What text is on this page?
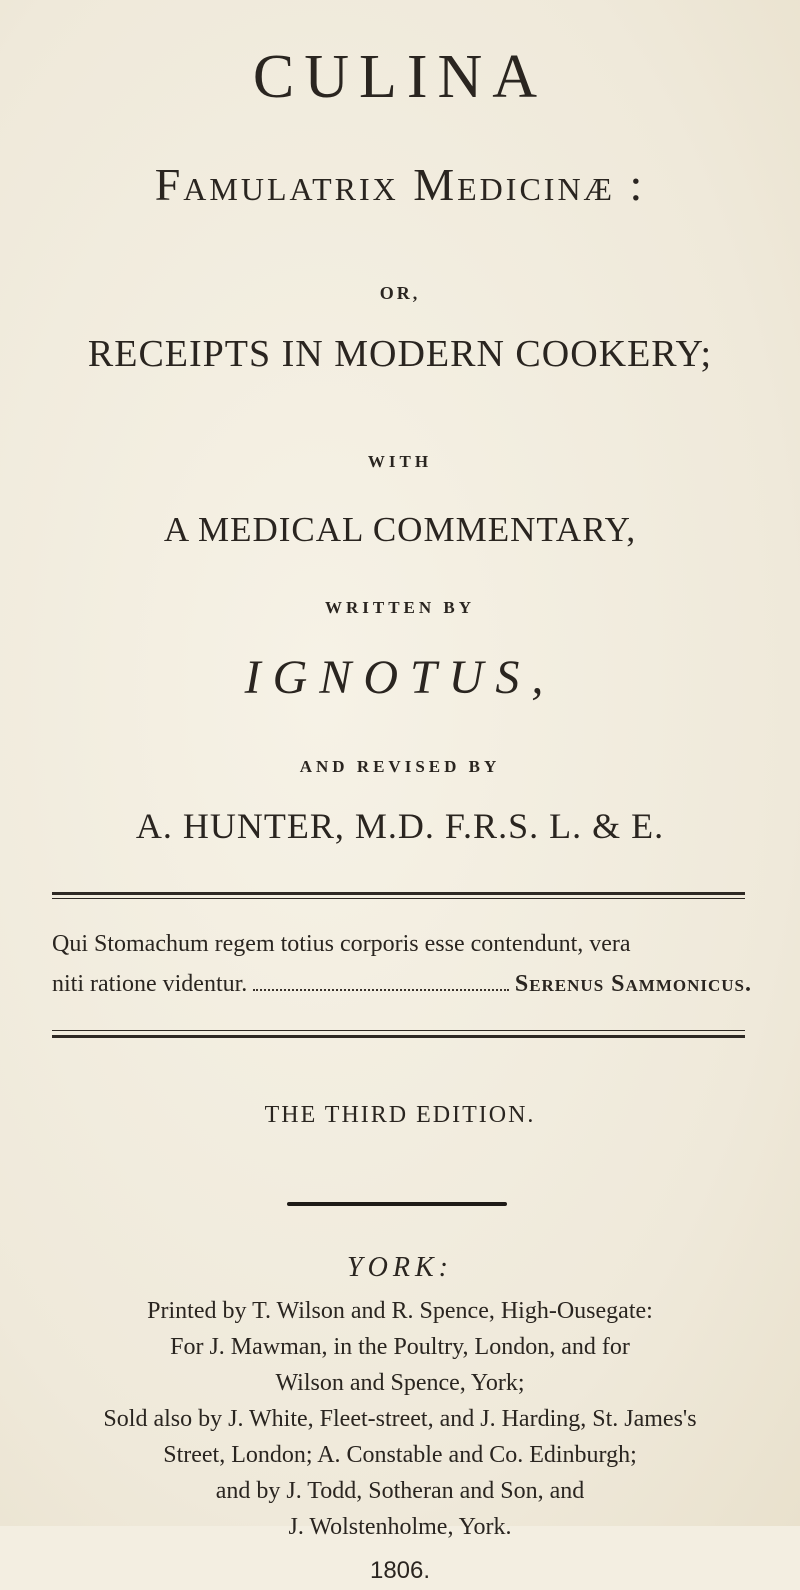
CULINA
Famulatrix Medicinæ :
OR,
RECEIPTS IN MODERN COOKERY;
WITH
A MEDICAL COMMENTARY,
WRITTEN BY
IGNOTUS,
AND REVISED BY
A. HUNTER, M.D. F.R.S. L. & E.
Qui Stomachum regem totius corporis esse contendunt, vera
niti ratione videntur.	Serenus Sammonicus.
THE THIRD EDITION.
YORK:
Printed by T. Wilson and R. Spence, High-Ousegate:
For J. Mawman, in the Poultry, London, and for
Wilson and Spence, York;
Sold also by J. White, Fleet-street, and J. Harding, St. James's
Street, London; A. Constable and Co. Edinburgh;
and by J. Todd, Sotheran and Son, and
J. Wolstenholme, York.
1806.
